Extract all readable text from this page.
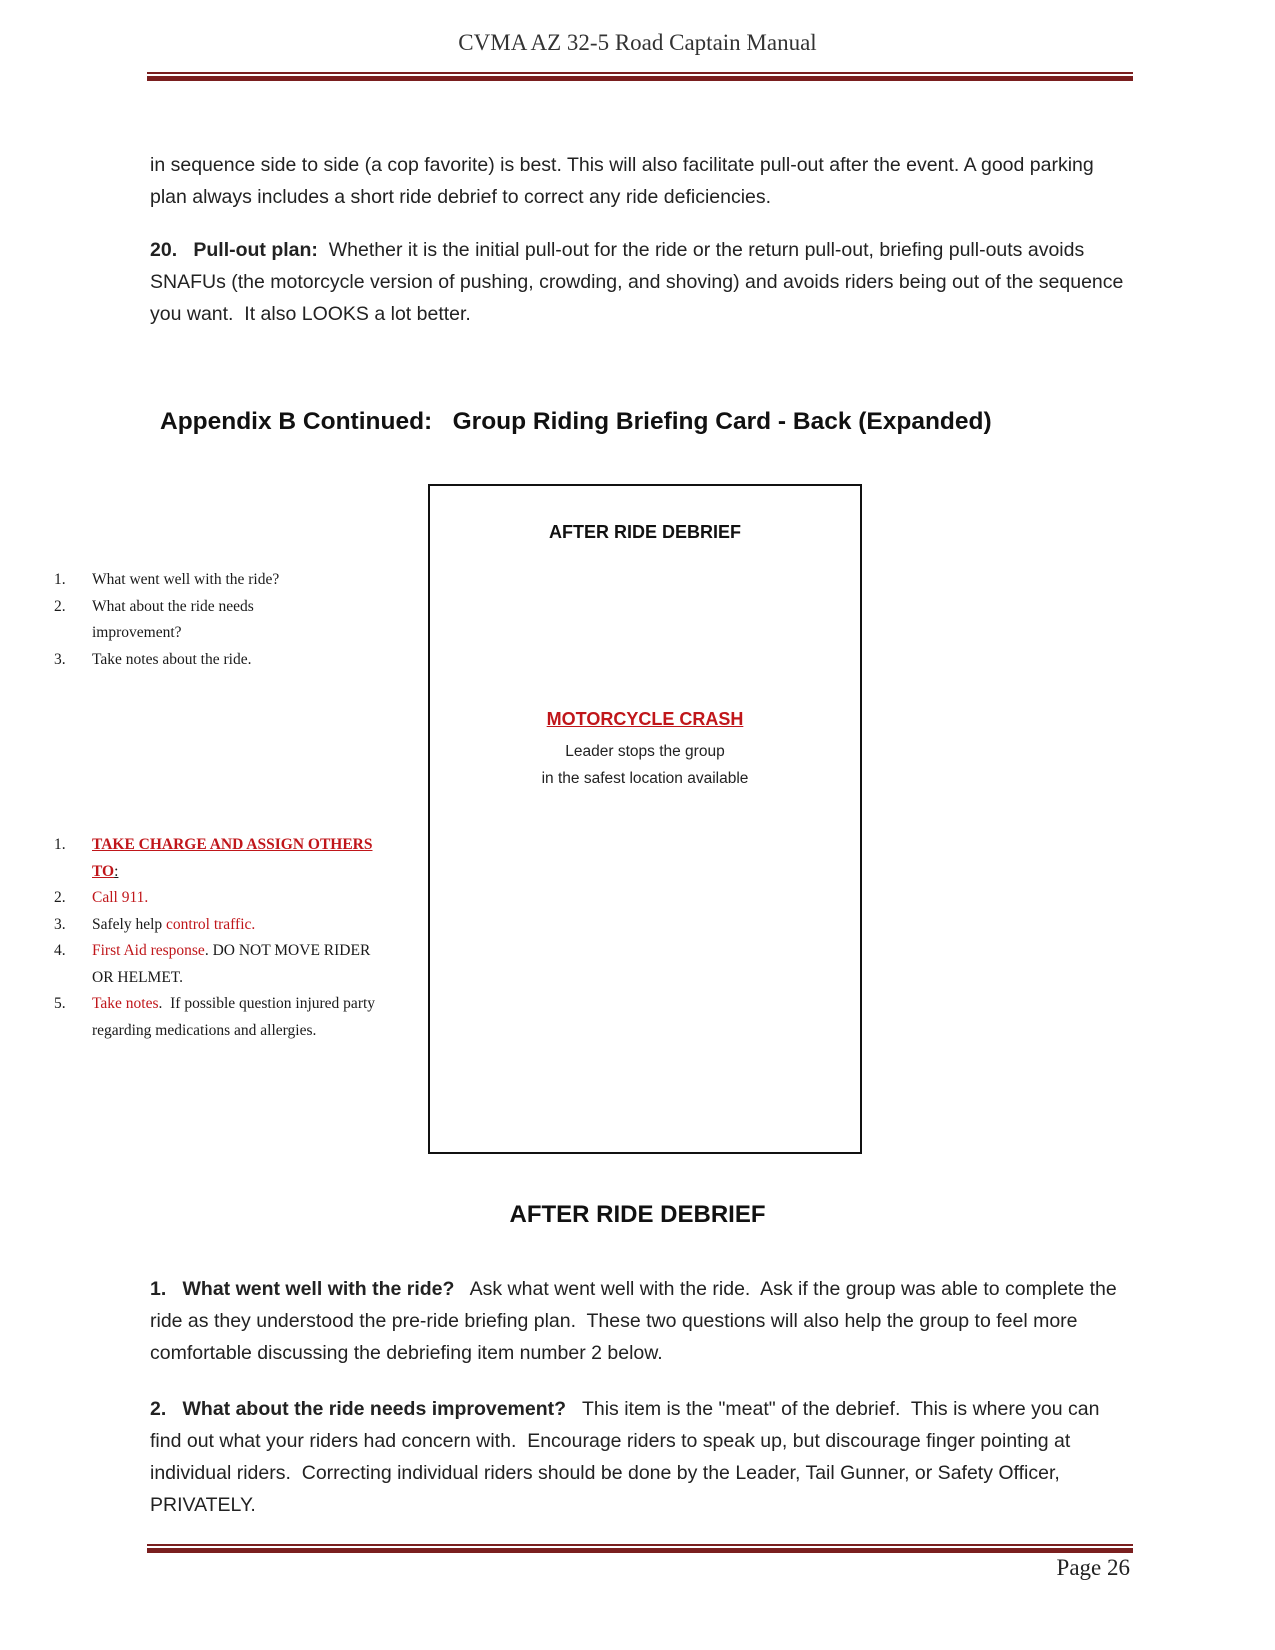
CVMA AZ 32-5 Road Captain Manual

in sequence side to side (a cop favorite) is best. This will also facilitate pull-out after the event. A good parking plan always includes a short ride debrief to correct any ride deficiencies.

20.   Pull-out plan:  Whether it is the initial pull-out for the ride or the return pull-out, briefing pull-outs avoids SNAFUs (the motorcycle version of pushing, crowding, and shoving) and avoids riders being out of the sequence you want.  It also LOOKS a lot better.

Appendix B Continued:   Group Riding Briefing Card - Back (Expanded)
AFTER RIDE DEBRIEF
MOTORCYCLE CRASH
Leader stops the group
in the safest location available
1.	What went well with the ride?
2.	What about the ride needs improvement?
3.	Take notes about the ride.
1.	TAKE CHARGE AND ASSIGN OTHERS TO:
2.	Call 911.
3.	Safely help control traffic.
4.	First Aid response. DO NOT MOVE RIDER OR HELMET.
5.	Take notes.  If possible question injured party regarding medications and allergies.
AFTER RIDE DEBRIEF

1.   What went well with the ride?   Ask what went well with the ride.  Ask if the group was able to complete the ride as they understood the pre-ride briefing plan.  These two questions will also help the group to feel more comfortable discussing the debriefing item number 2 below.

2.   What about the ride needs improvement?   This item is the "meat" of the debrief.  This is where you can find out what your riders had concern with.  Encourage riders to speak up, but discourage finger pointing at individual riders.  Correcting individual riders should be done by the Leader, Tail Gunner, or Safety Officer, PRIVATELY.

Page 26
